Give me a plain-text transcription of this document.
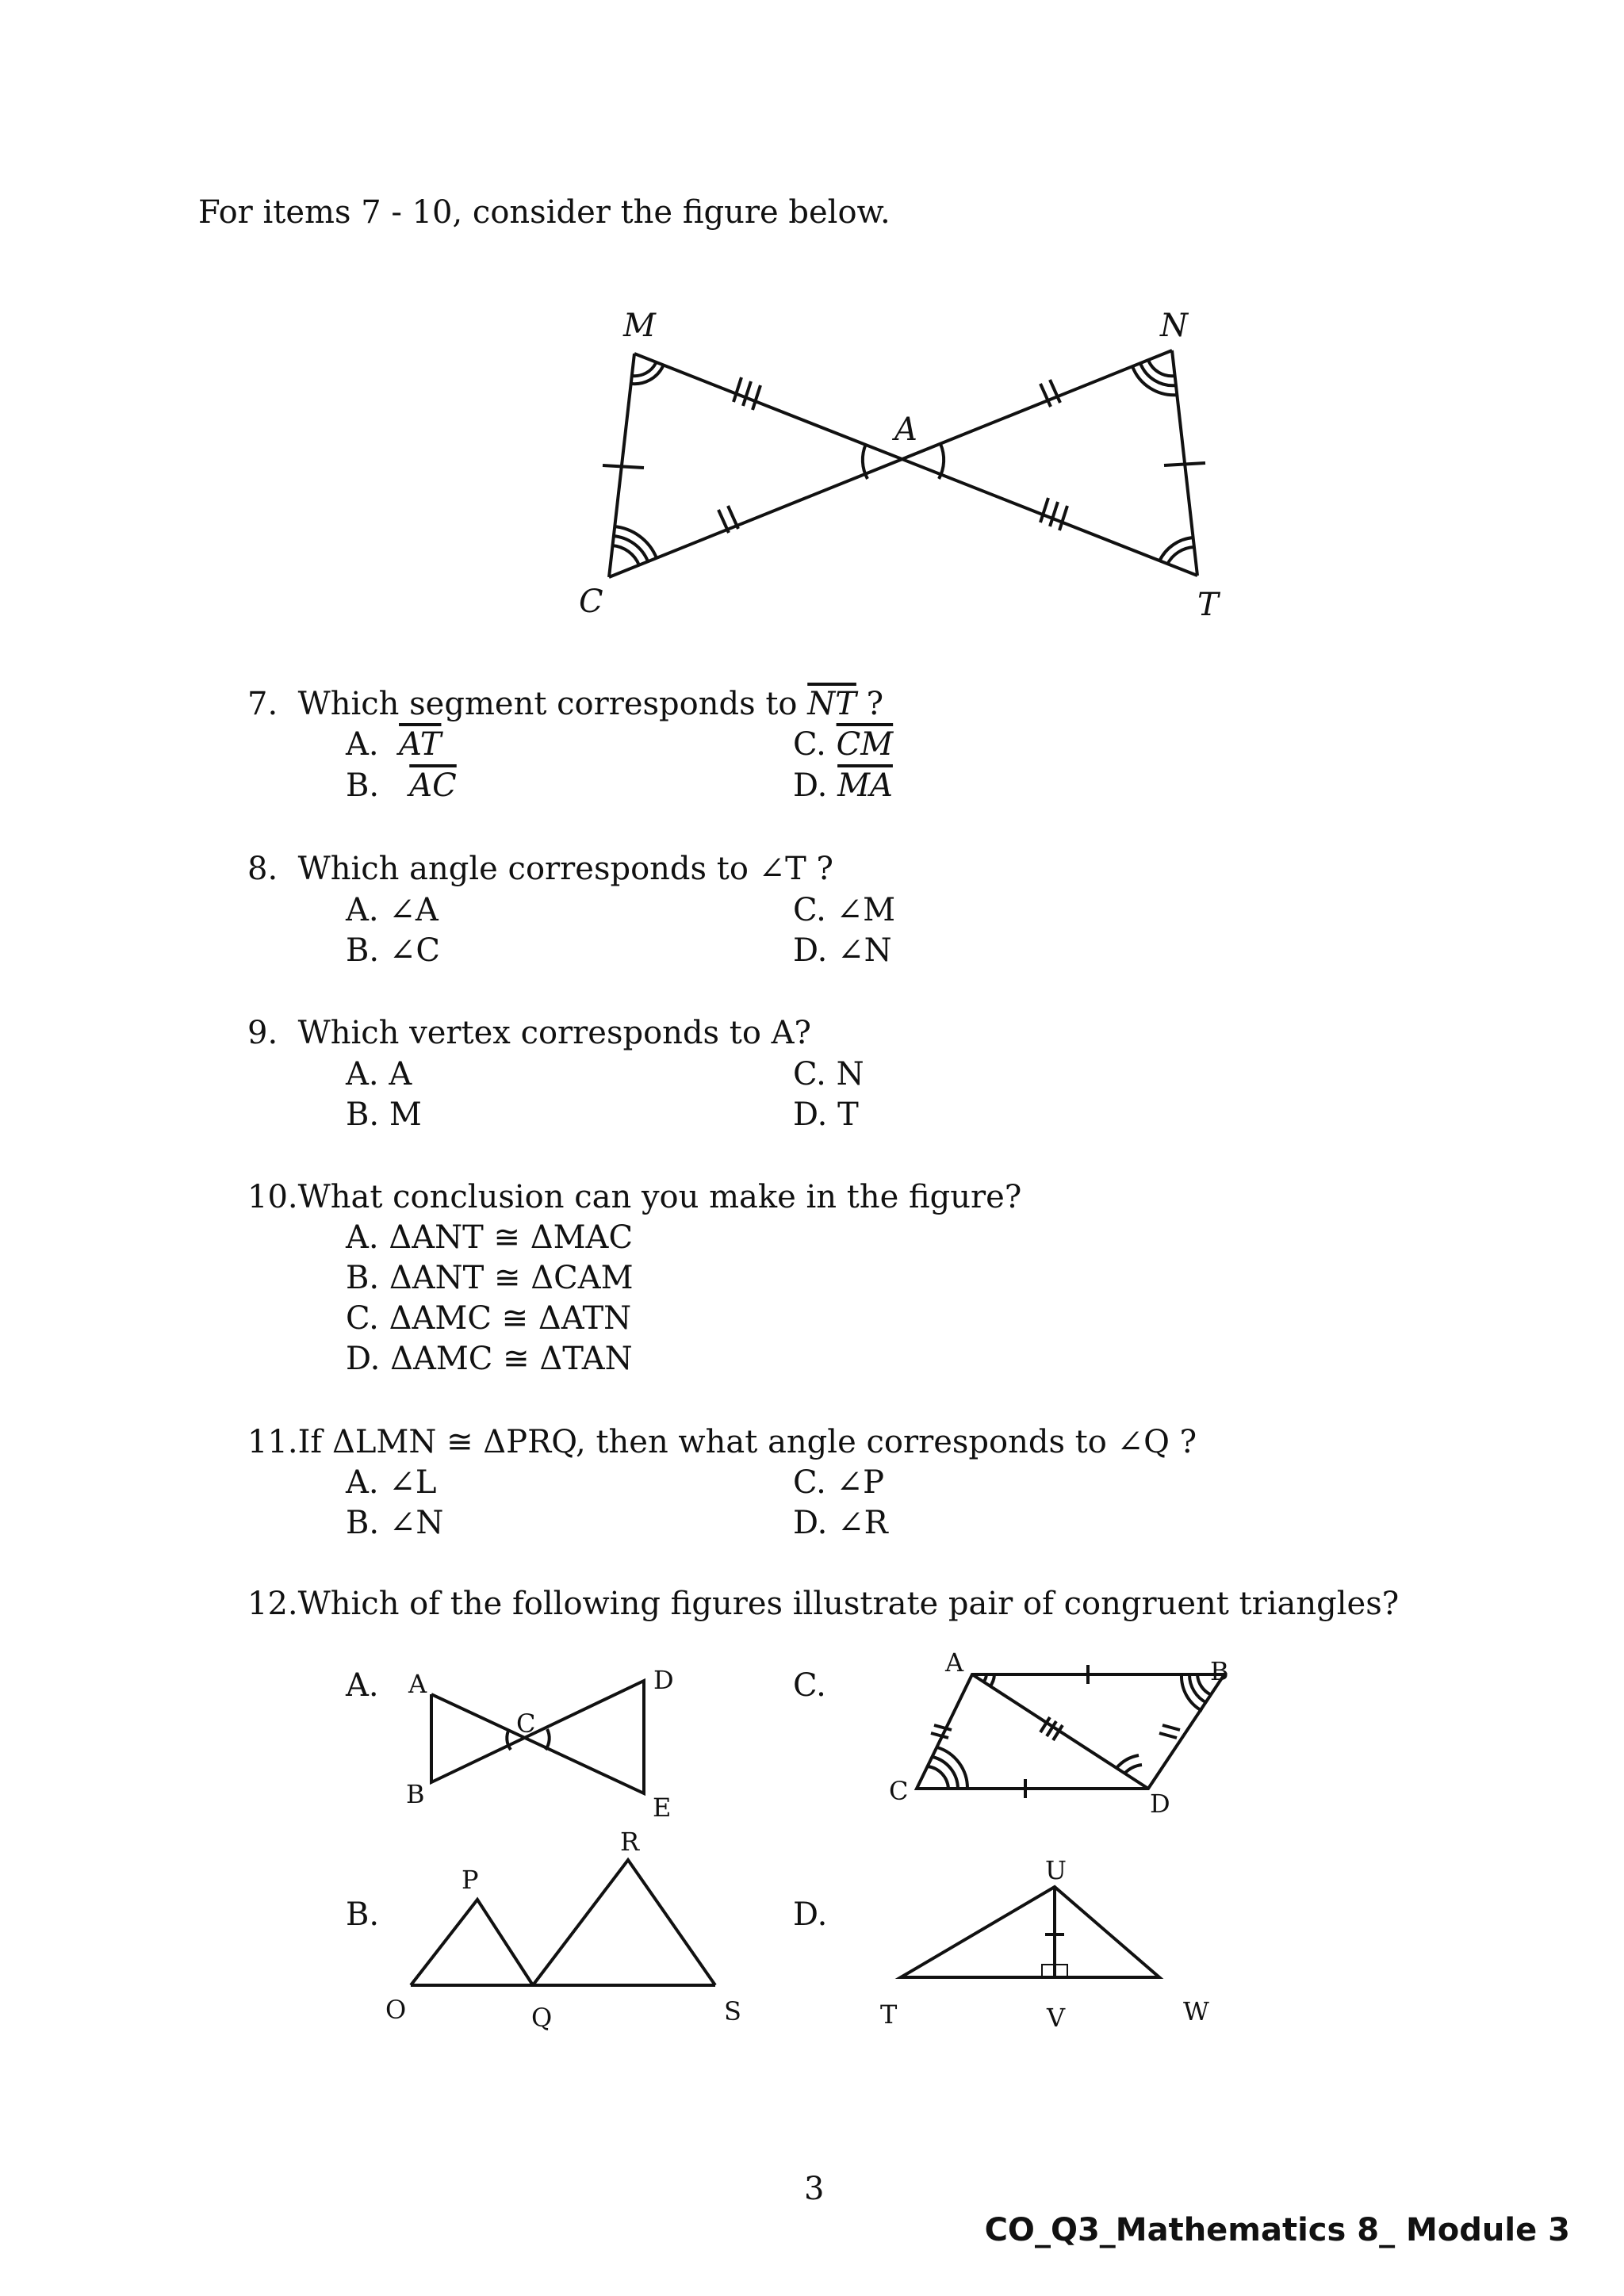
For items 7 - 10, consider the figure below.
M	N
A
C	T
7. Which segment corresponds to $\overline{NT}$ ?
A. $\overline{AT}$
B. $\overline{AC}$
C. $\overline{CM}$
D. $\overline{MA}$
8. Which angle corresponds to ∠T ?
A. ∠A
B. ∠C
C. ∠M
D. ∠N
9. Which vertex corresponds to A?
A. A
B. M
C. N
D. T
10.What conclusion can you make in the figure?
A. ΔANT ≅ ΔMAC
B. ΔANT ≅ ΔCAM
C. ΔAMC ≅ ΔATN
D. ΔAMC ≅ ΔTAN
11.If ΔLMN ≅ ΔPRQ, then what angle corresponds to ∠Q ?
A. ∠L
B. ∠N
C. ∠P
D. ∠R
12.Which of the following figures illustrate pair of congruent triangles?
A.	C.
B.	D.
A
B
C
D
E
A	B
C	D
P
R
O	Q	S
U
T	V	W
3
CO_Q3_Mathematics 8_ Module 3
